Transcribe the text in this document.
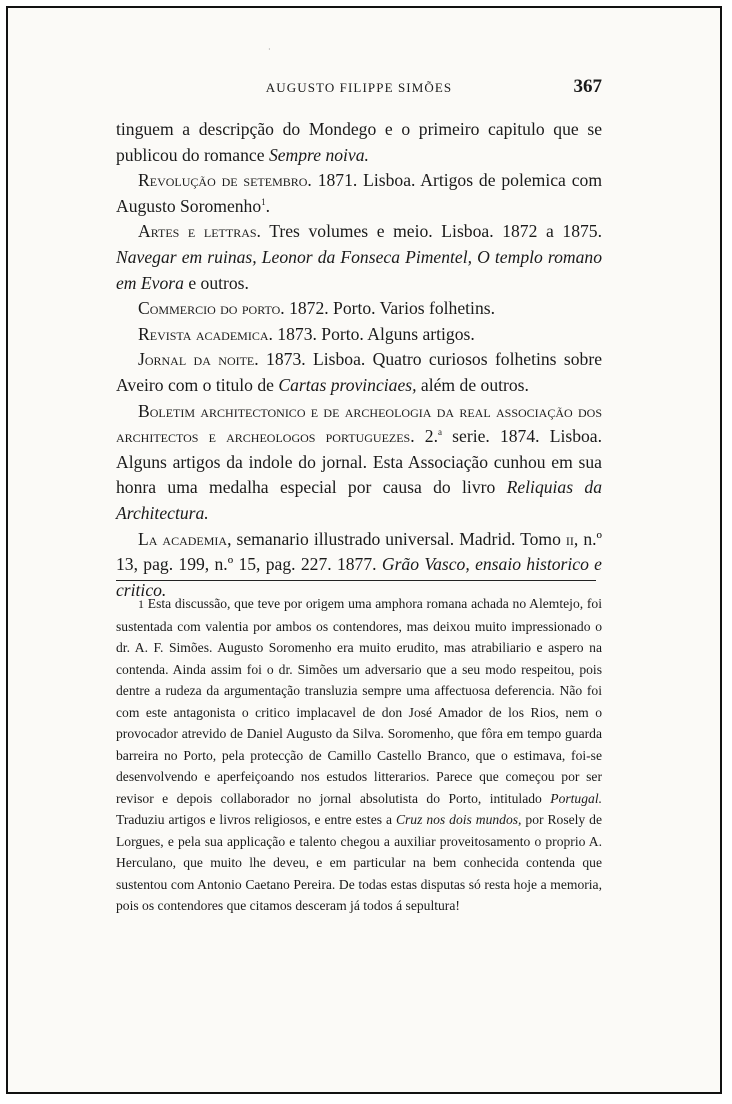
·
AUGUSTO FILIPPE SIMÕES	367

tinguem a descripção do Mondego e o primeiro capitulo que se publicou do romance Sempre noiva.

Revolução de setembro. 1871. Lisboa. Artigos de polemica com Augusto Soromenho$^1$.

Artes e lettras. Tres volumes e meio. Lisboa. 1872 a 1875. Navegar em ruinas, Leonor da Fonseca Pimentel, O templo romano em Evora e outros.

Commercio do porto. 1872. Porto. Varios folhetins.

Revista academica. 1873. Porto. Alguns artigos.

Jornal da noite. 1873. Lisboa. Quatro curiosos folhetins sobre Aveiro com o titulo de Cartas provinciaes, além de outros.

Boletim architectonico e de archeologia da real associação dos architectos e archeologos portuguezes. 2.$^a$ serie. 1874. Lisboa. Alguns artigos da indole do jornal. Esta Associação cunhou em sua honra uma medalha especial por causa do livro Reliquias da Architectura.

La academia, semanario illustrado universal. Madrid. Tomo ii, n.º 13, pag. 199, n.º 15, pag. 227. 1877. Grão Vasco, ensaio historico e critico.

1 Esta discussão, que teve por origem uma amphora romana achada no Alemtejo, foi sustentada com valentia por ambos os contendores, mas deixou muito impressionado o dr. A. F. Simões. Augusto Soromenho era muito erudito, mas atrabiliario e aspero na contenda. Ainda assim foi o dr. Simões um adversario que a seu modo respeitou, pois dentre a rudeza da argumentação transluzia sempre uma affectuosa deferencia. Não foi com este antagonista o critico implacavel de don José Amador de los Rios, nem o provocador atrevido de Daniel Augusto da Silva. Soromenho, que fôra em tempo guarda barreira no Porto, pela protecção de Camillo Castello Branco, que o estimava, foi-se desenvolvendo e aperfeiçoando nos estudos litterarios. Parece que começou por ser revisor e depois collaborador no jornal absolutista do Porto, intitulado Portugal. Traduziu artigos e livros religiosos, e entre estes a Cruz nos dois mundos, por Rosely de Lorgues, e pela sua applicação e talento chegou a auxiliar proveitosamento o proprio A. Herculano, que muito lhe deveu, e em particular na bem conhecida contenda que sustentou com Antonio Caetano Pereira. De todas estas disputas só resta hoje a memoria, pois os contendores que citamos desceram já todos á sepultura!
